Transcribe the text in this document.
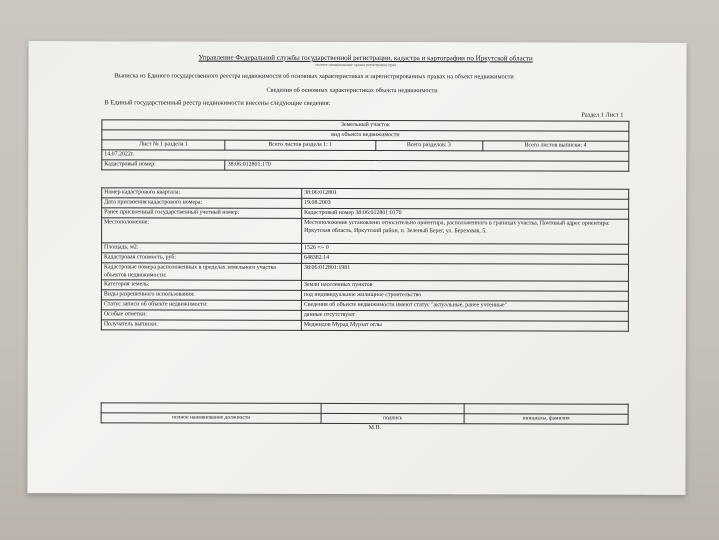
Управление Федеральной службы государственной регистрации, кадастра и картографии по Иркутской области
полное наименование органа регистрации прав
Выписка из Единого государственного реестра недвижимости об основных характеристиках и зарегистрированных правах на объект недвижимости
Сведения об основных характеристиках объекта недвижимости
В Единый государственный реестр недвижимости внесены следующие сведения:
Раздел 1 Лист 1
Земельный участок			
вид объекта недвижимости			
Лист № 1 раздела 1	Всего листов раздела 1: 1	Всего разделов: 3	Всего листов выписки: 4
14.07.2022г.			
Кадастровый номер:	38:06:012801:170		
Номер кадастрового квартала:	38:06:012801
Дата присвоения кадастрового номера:	19.08.2003
Ранее присвоенный государственный учетный номер:	Кадастровый номер 38:06:012801:0170
Местоположение:	Местоположение установлено относительно ориентира, расположенного в границах участка. Почтовый адрес ориентира: Иркутская область, Иркутский район, п. Зеленый Берег, ул. Березовая, 5.
Площадь, м2:	1526 +/- 0
Кадастровая стоимость, руб:	648382.14
Кадастровые номера расположенных в пределах земельного участка объектов недвижимости:	38:06:012801:1981
Категория земель:	Земли населенных пунктов
Виды разрешенного использования:	под индивидуальное жилищное строительство
Статус записи об объекте недвижимости:	Сведения об объекте недвижимости имеют статус "актуальные, ранее учтенные"
Особые отметки:	данные отсутствуют
Получатель выписки:	Меджидов Мурад Мурзат оглы

полное наименование должности	подпись	инициалы, фамилия
М.П.
